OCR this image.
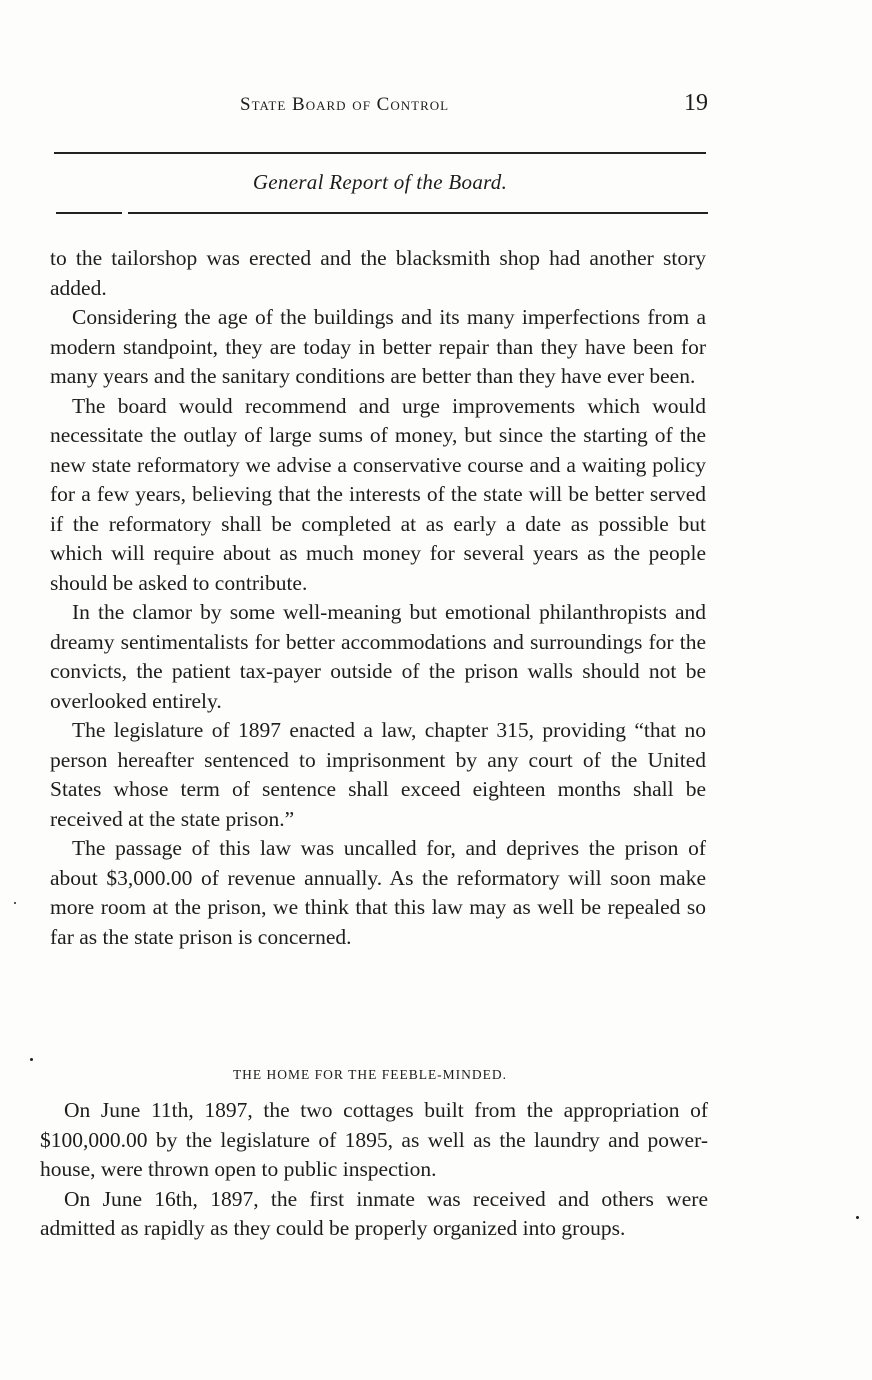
State Board of Control	19
General Report of the Board.

to the tailorshop was erected and the blacksmith shop had another story added.

Considering the age of the buildings and its many imperfections from a modern standpoint, they are today in better repair than they have been for many years and the sanitary conditions are better than they have ever been.

The board would recommend and urge improvements which would necessitate the outlay of large sums of money, but since the starting of the new state reformatory we advise a conservative course and a waiting policy for a few years, believing that the interests of the state will be better served if the reformatory shall be completed at as early a date as possible but which will require about as much money for several years as the people should be asked to contribute.

In the clamor by some well-meaning but emotional philanthropists and dreamy sentimentalists for better accommodations and surroundings for the convicts, the patient tax-payer outside of the prison walls should not be overlooked entirely.

The legislature of 1897 enacted a law, chapter 315, providing “that no person hereafter sentenced to imprisonment by any court of the United States whose term of sentence shall exceed eighteen months shall be received at the state prison.”

The passage of this law was uncalled for, and deprives the prison of about $3,000.00 of revenue annually. As the reformatory will soon make more room at the prison, we think that this law may as well be repealed so far as the state prison is concerned.

THE HOME FOR THE FEEBLE-MINDED.

On June 11th, 1897, the two cottages built from the appropriation of $100,000.00 by the legislature of 1895, as well as the laundry and power-house, were thrown open to public inspection.

On June 16th, 1897, the first inmate was received and others were admitted as rapidly as they could be properly organized into groups.
